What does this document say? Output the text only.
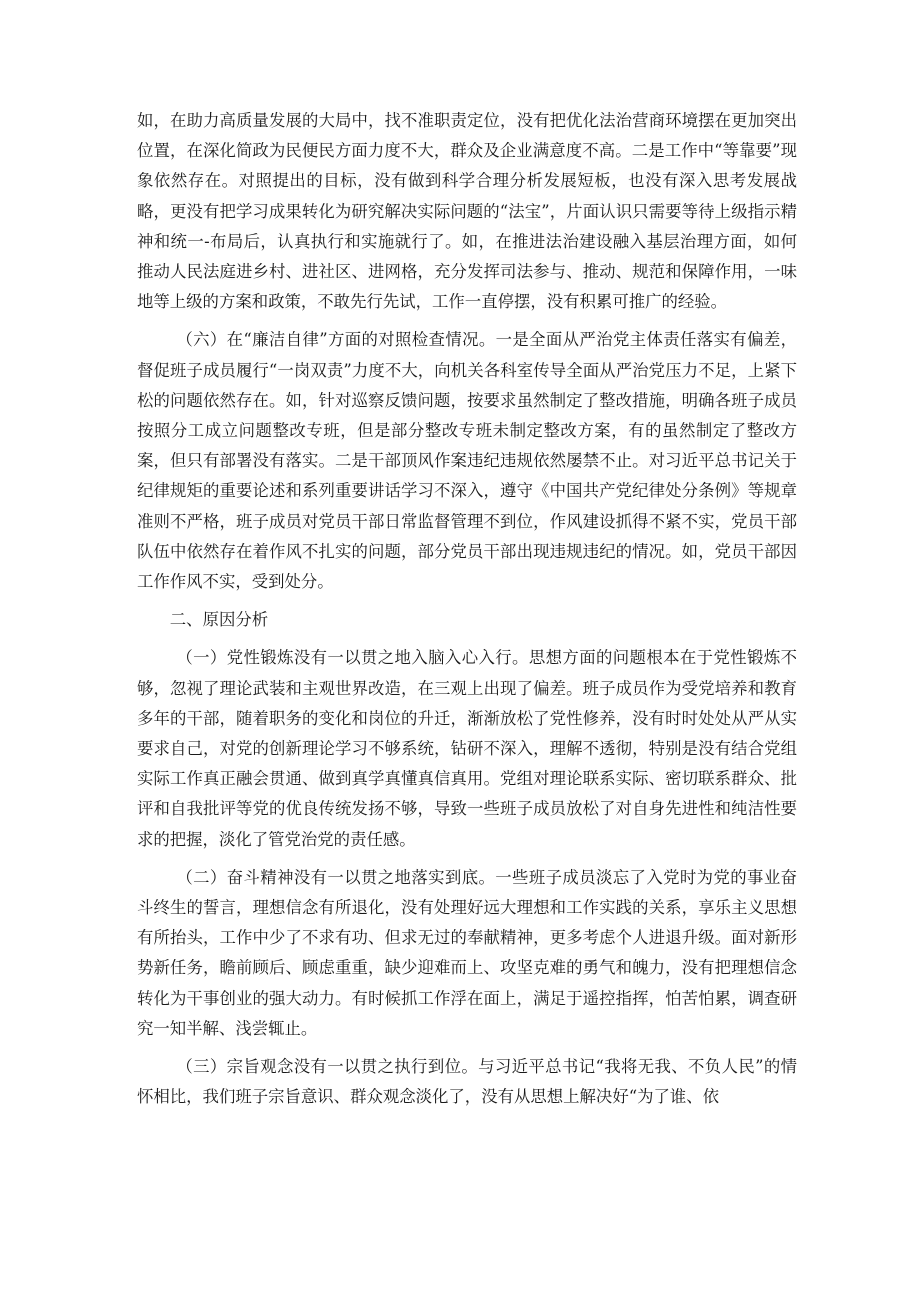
如，在助力高质量发展的大局中，找不准职责定位，没有把优化法治营商环境摆在更加突出位置，在深化简政为民便民方面力度不大，群众及企业满意度不高。二是工作中“等靠要”现象依然存在。对照提出的目标，没有做到科学合理分析发展短板，也没有深入思考发展战略，更没有把学习成果转化为研究解决实际问题的“法宝”，片面认识只需要等待上级指示精神和统一-布局后，认真执行和实施就行了。如，在推进法治建设融入基层治理方面，如何推动人民法庭进乡村、进社区、进网格，充分发挥司法参与、推动、规范和保障作用，一味地等上级的方案和政策，不敢先行先试，工作一直停摆，没有积累可推广的经验。

（六）在“廉洁自律”方面的对照检查情况。一是全面从严治党主体责任落实有偏差，督促班子成员履行“一岗双责”力度不大，向机关各科室传导全面从严治党压力不足，上紧下松的问题依然存在。如，针对巡察反馈问题，按要求虽然制定了整改措施，明确各班子成员按照分工成立问题整改专班，但是部分整改专班未制定整改方案，有的虽然制定了整改方案，但只有部署没有落实。二是干部顶风作案违纪违规依然屡禁不止。对习近平总书记关于纪律规矩的重要论述和系列重要讲话学习不深入，遵守《中国共产党纪律处分条例》等规章准则不严格，班子成员对党员干部日常监督管理不到位，作风建设抓得不紧不实，党员干部队伍中依然存在着作风不扎实的问题，部分党员干部出现违规违纪的情况。如，党员干部因工作作风不实，受到处分。

二、原因分析

（一）党性锻炼没有一以贯之地入脑入心入行。思想方面的问题根本在于党性锻炼不够，忽视了理论武装和主观世界改造，在三观上出现了偏差。班子成员作为受党培养和教育多年的干部，随着职务的变化和岗位的升迁，渐渐放松了党性修养，没有时时处处从严从实要求自己，对党的创新理论学习不够系统，钻研不深入，理解不透彻，特别是没有结合党组实际工作真正融会贯通、做到真学真懂真信真用。党组对理论联系实际、密切联系群众、批评和自我批评等党的优良传统发扬不够，导致一些班子成员放松了对自身先进性和纯洁性要求的把握，淡化了管党治党的责任感。

（二）奋斗精神没有一以贯之地落实到底。一些班子成员淡忘了入党时为党的事业奋斗终生的誓言，理想信念有所退化，没有处理好远大理想和工作实践的关系，享乐主义思想有所抬头，工作中少了不求有功、但求无过的奉献精神，更多考虑个人进退升级。面对新形势新任务，瞻前顾后、顾虑重重，缺少迎难而上、攻坚克难的勇气和魄力，没有把理想信念转化为干事创业的强大动力。有时候抓工作浮在面上，满足于遥控指挥，怕苦怕累，调查研究一知半解、浅尝辄止。

（三）宗旨观念没有一以贯之执行到位。与习近平总书记“我将无我、不负人民”的情怀相比，我们班子宗旨意识、群众观念淡化了，没有从思想上解决好“为了谁、依
